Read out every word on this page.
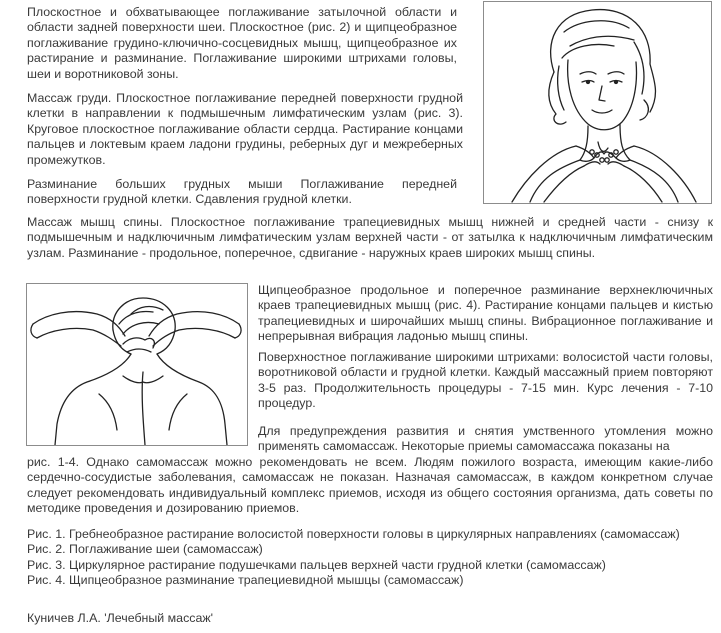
Плоскостное и обхватывающее поглаживание затылочной области и области задней поверхности шеи. Плоскостное (рис. 2) и щипцеобразное поглаживание грудино-ключично-сосцевидных мышц, щипцеобразное их растирание и разминание. Поглаживание широкими штрихами головы, шеи и воротниковой зоны.

Массаж груди. Плоскостное поглаживание передней поверхности грудной клетки в направлении к подмышечным лимфатическим узлам (рис. 3). Круговое плоскостное поглаживание области сердца. Растирание концами пальцев и локтевым краем ладони грудины, реберных дуг и межреберных промежутков.

Разминание больших грудных мыши Поглаживание передней поверхности грудной клетки. Сдавления грудной клетки.

Массаж мышц спины. Плоскостное поглаживание трапециевидных мышц нижней и средней части - снизу к подмышечным и надключичным лимфатическим узлам верхней части - от затылка к надключичным лимфатическим узлам. Разминание - продольное, поперечное, сдвигание - наружных краев широких мышц спины.

Щипцеобразное продольное и поперечное разминание верхнеключичных краев трапециевидных мышц (рис. 4). Растирание концами пальцев и кистью трапециевидных и широчайших мышц спины. Вибрационное поглаживание и непрерывная вибрация ладонью мышц спины.

Поверхностное поглаживание широкими штрихами: волосистой части головы, воротниковой области и грудной клетки. Каждый массажный прием повторяют 3-5 раз. Продолжительность процедуры - 7-15 мин. Курс лечения - 7-10 процедур.

Для предупреждения развития и снятия умственного утомления можно применять самомассаж. Некоторые приемы самомассажа показаны на
рис. 1-4. Однако самомассаж можно рекомендовать не всем. Людям пожилого возраста, имеющим какие-либо сердечно-сосудистые заболевания, самомассаж не показан. Назначая самомассаж, в каждом конкретном случае следует рекомендовать индивидуальный комплекс приемов, исходя из общего состояния организма, дать советы по методике проведения и дозированию приемов.

Рис. 1. Гребнеобразное растирание волосистой поверхности головы в циркулярных направлениях (самомассаж)

Рис. 2. Поглаживание шеи (самомассаж)

Рис. 3. Циркулярное растирание подушечками пальцев верхней части грудной клетки (самомассаж)

Рис. 4. Щипцеобразное разминание трапециевидной мышцы (самомассаж)

Куничев Л.А. 'Лечебный массаж'
